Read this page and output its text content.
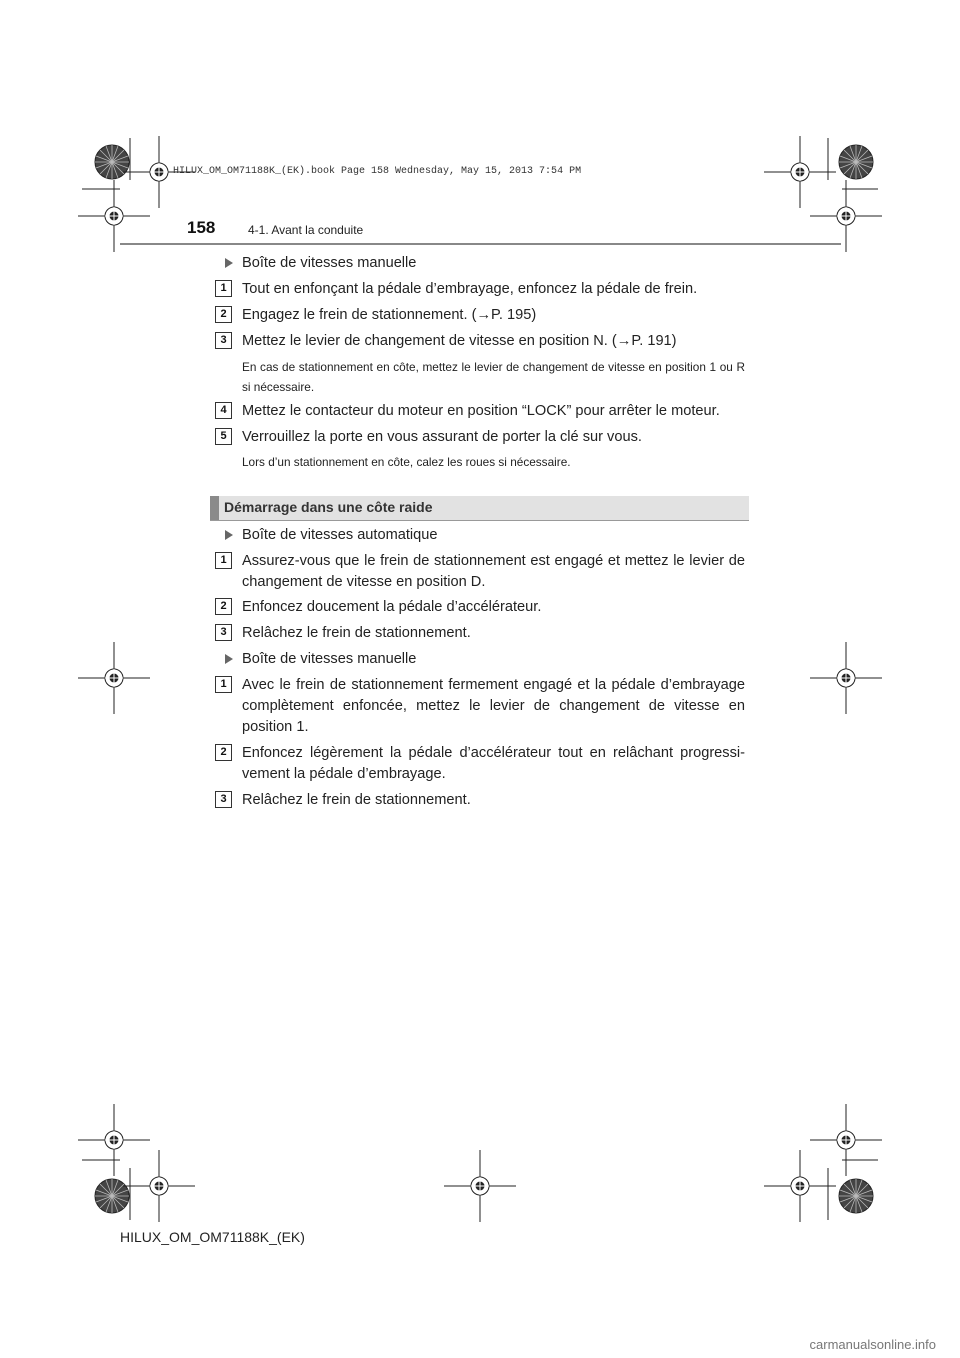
HILUX_OM_OM71188K_(EK).book Page 158 Wednesday, May 15, 2013 7:54 PM
158	4-1. Avant la conduite
Boîte de vitesses manuelle
1	Tout en enfonçant la pédale d’embrayage, enfoncez la pédale de frein.
2	Engagez le frein de stationnement. (→P. 195)
3	Mettez le levier de changement de vitesse en position N. (→P. 191)
En cas de stationnement en côte, mettez le levier de changement de vitesse en position 1 ou R si nécessaire.
4	Mettez le contacteur du moteur en position “LOCK” pour arrêter le moteur.
5	Verrouillez la porte en vous assurant de porter la clé sur vous.
Lors d’un stationnement en côte, calez les roues si nécessaire.
Boîte de vitesses automatique
1	Assurez-vous que le frein de stationnement est engagé et mettez le levier de changement de vitesse en position D.
2	Enfoncez doucement la pédale d’accélérateur.
3	Relâchez le frein de stationnement.
Boîte de vitesses manuelle
1	Avec le frein de stationnement fermement engagé et la pédale d’embrayage complètement enfoncée, mettez le levier de changement de vitesse en position 1.
2	Enfoncez légèrement la pédale d’accélérateur tout en relâchant progressi-vement la pédale d’embrayage.
3	Relâchez le frein de stationnement.
Démarrage dans une côte raide
HILUX_OM_OM71188K_(EK)
carmanualsonline.info
